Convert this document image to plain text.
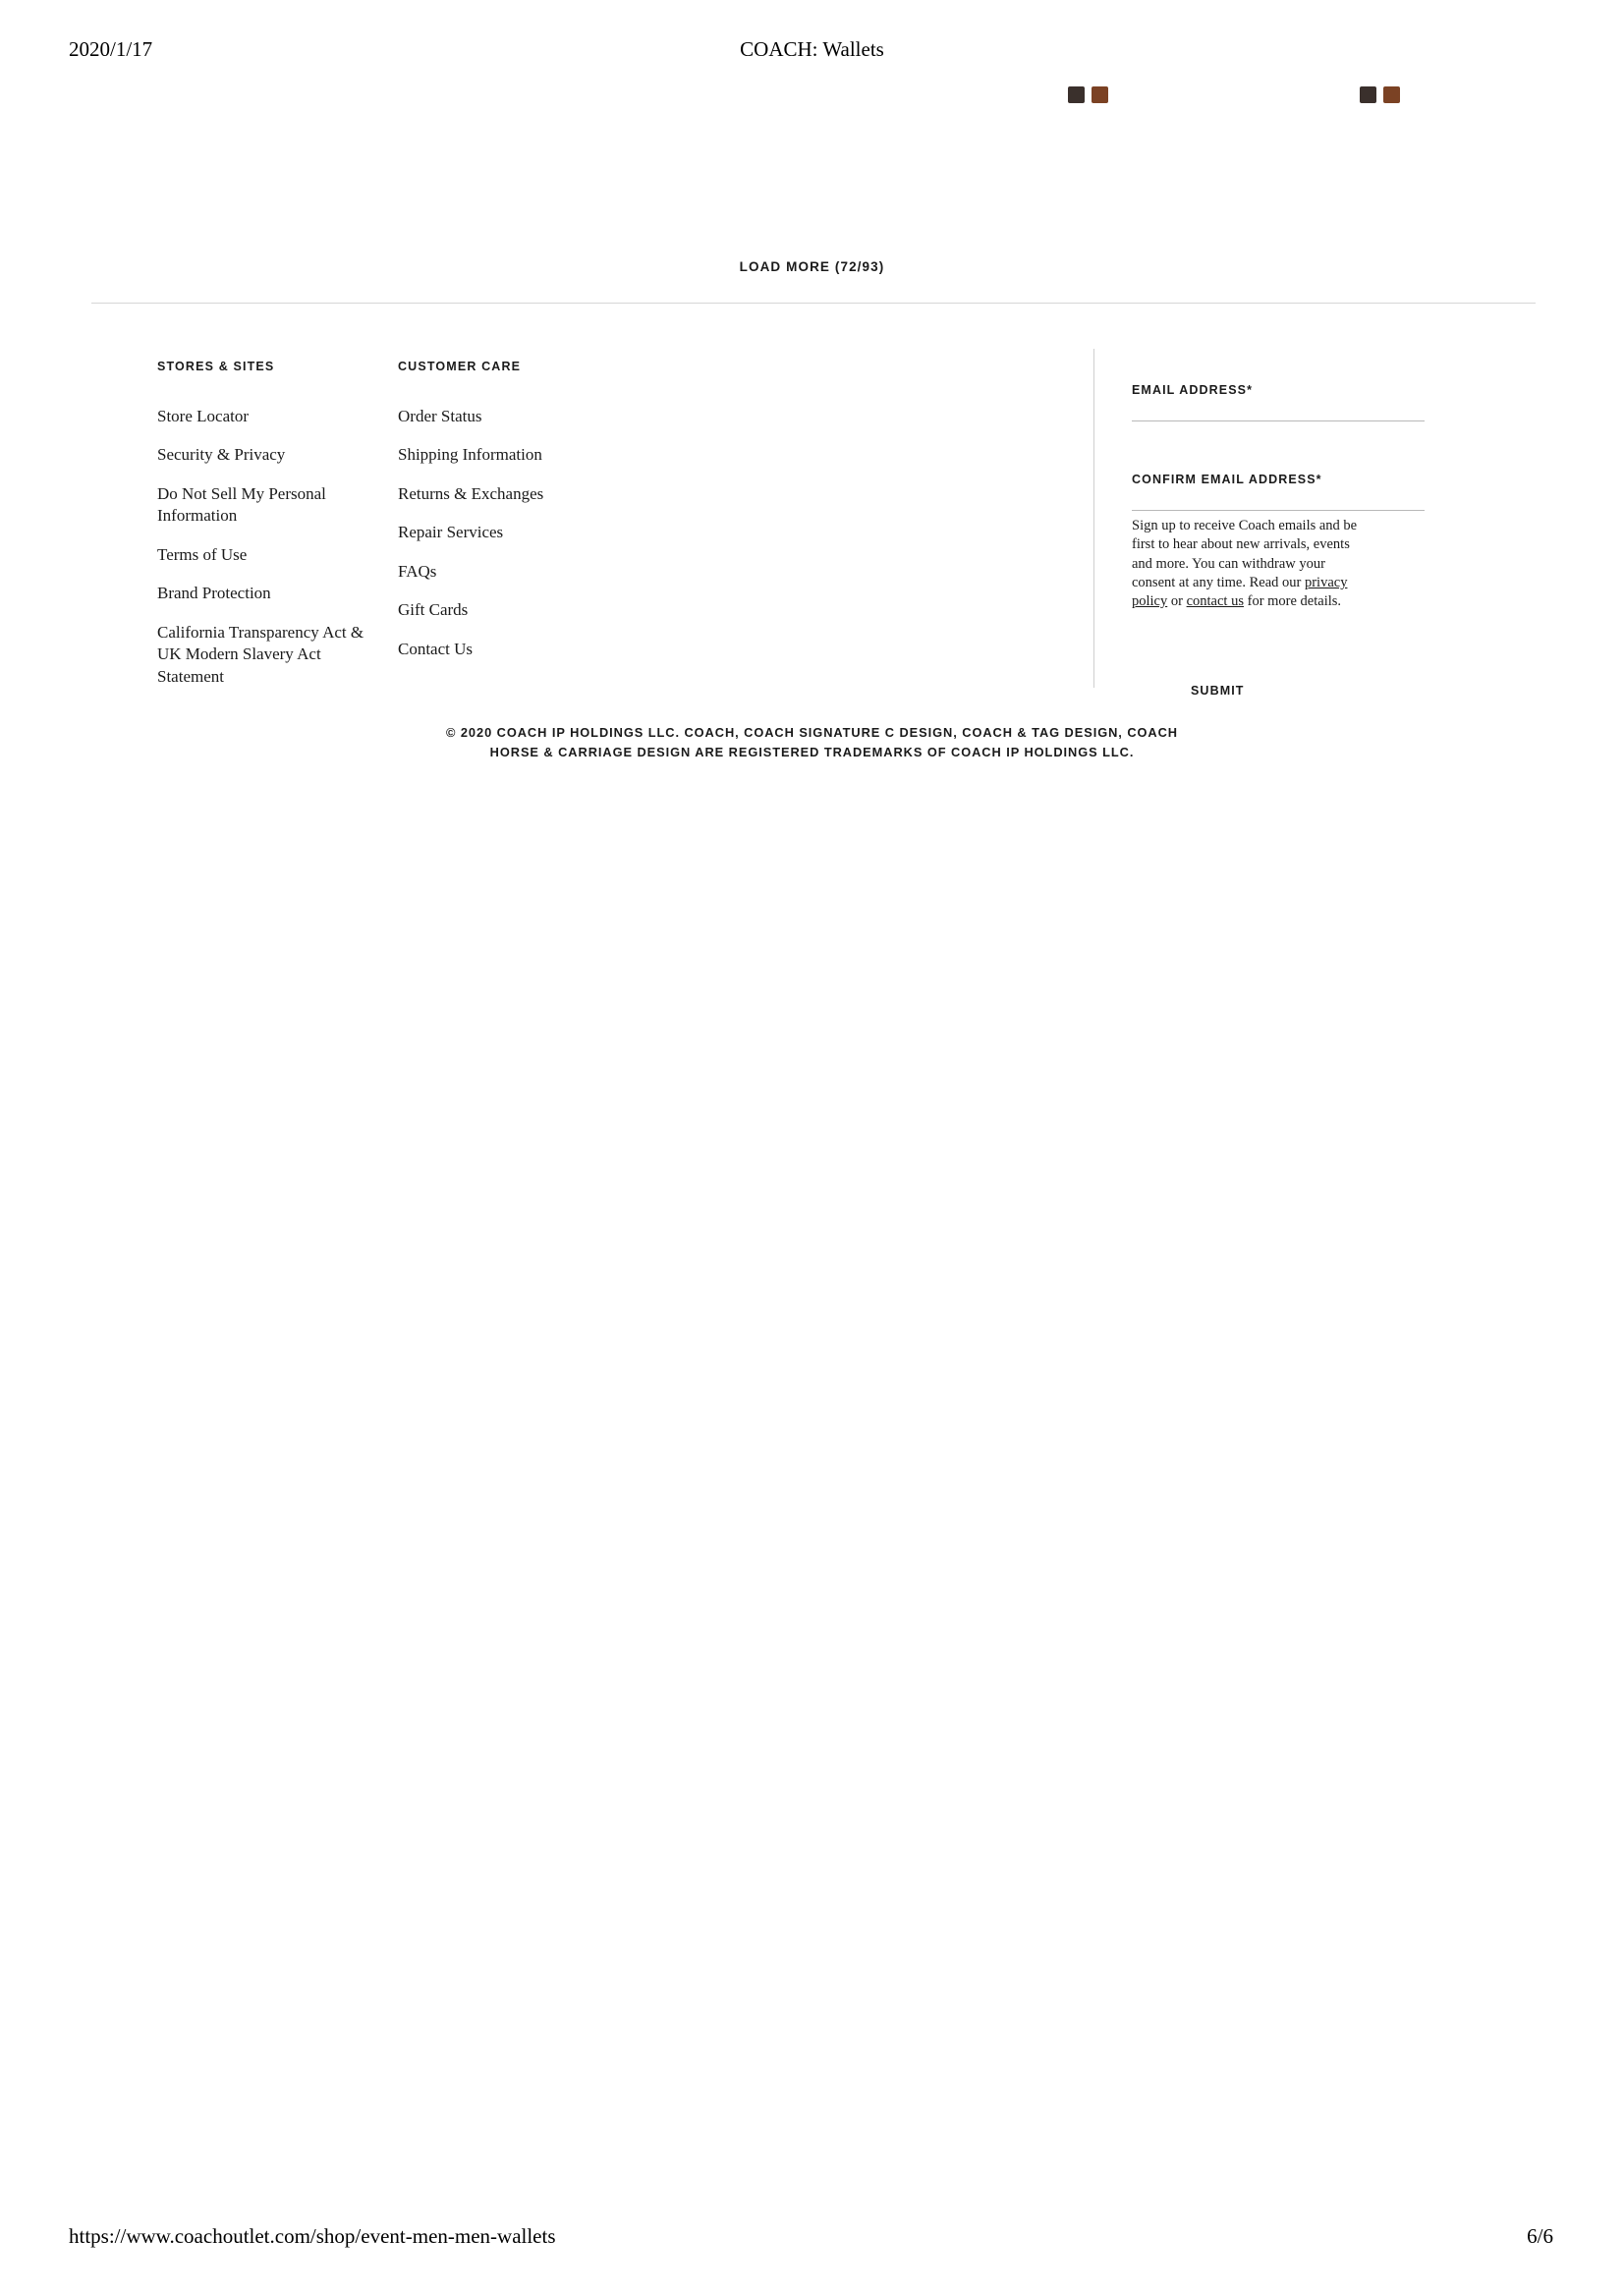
2020/1/17	COACH: Wallets
LOAD MORE (72/93)
STORES & SITES
Store Locator
Security & Privacy
Do Not Sell My Personal Information
Terms of Use
Brand Protection
California Transparency Act & UK Modern Slavery Act Statement
CUSTOMER CARE
Order Status
Shipping Information
Returns & Exchanges
Repair Services
FAQs
Gift Cards
Contact Us
EMAIL ADDRESS*
CONFIRM EMAIL ADDRESS*
Sign up to receive Coach emails and be first to hear about new arrivals, events and more. You can withdraw your consent at any time. Read our privacy policy or contact us for more details.
SUBMIT
© 2020 COACH IP HOLDINGS LLC. COACH, COACH SIGNATURE C DESIGN, COACH & TAG DESIGN, COACH HORSE & CARRIAGE DESIGN ARE REGISTERED TRADEMARKS OF COACH IP HOLDINGS LLC.
https://www.coachoutlet.com/shop/event-men-men-wallets	6/6
